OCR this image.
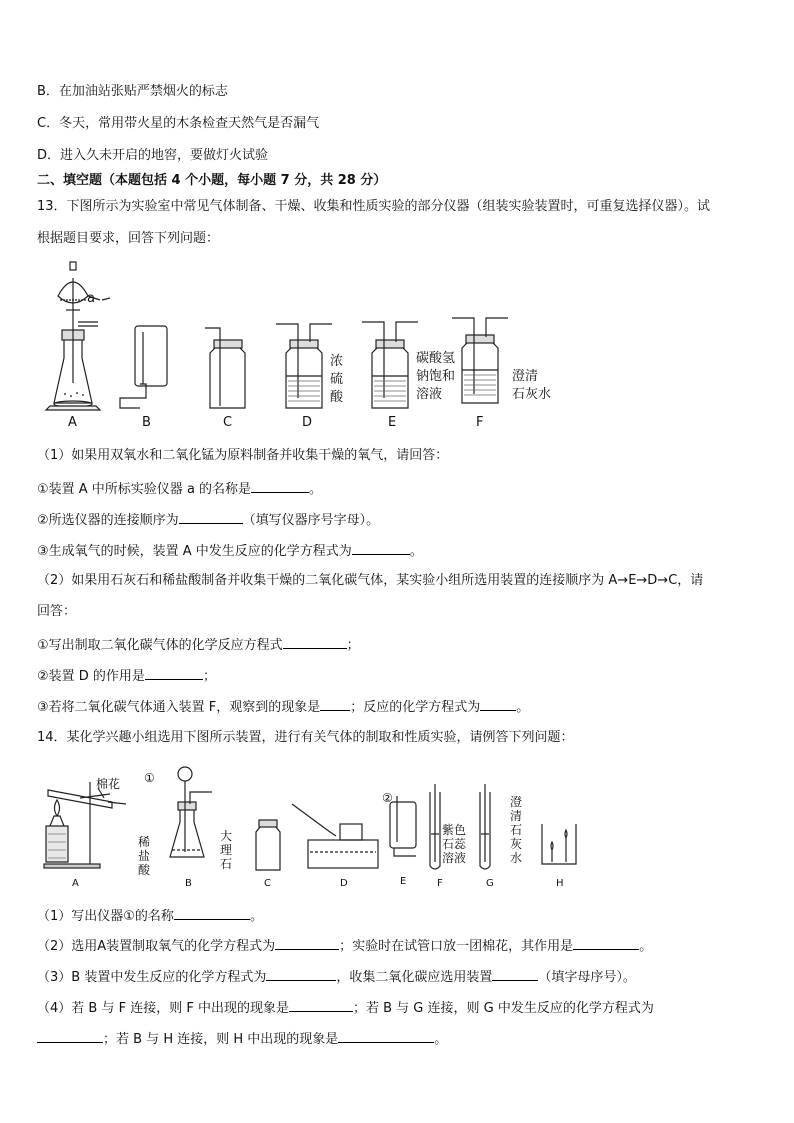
B．在加油站张贴严禁烟火的标志
C．冬天，常用带火星的木条检查天然气是否漏气
D．进入久未开启的地窖，要做灯火试验
二、填空题（本题包括 4 个小题，每小题 7 分，共 28 分）
13．下图所示为实验室中常见气体制备、干燥、收集和性质实验的部分仪器（组装实验装置时，可重复选择仪器）。试
根据题目要求，回答下列问题：
a
A	B	C	D	E	F
浓
硫
酸
碳酸氢
钠饱和
溶液
澄清
石灰水
（1）如果用双氧水和二氧化锰为原料制备并收集干燥的氧气，请回答：
①装置 A 中所标实验仪器 a 的名称是	。
②所选仪器的连接顺序为	（填写仪器序号字母）。
③生成氧气的时候，装置 A 中发生反应的化学方程式为	。
（2）如果用石灰石和稀盐酸制备并收集干燥的二氧化碳气体，某实验小组所选用装置的连接顺序为 A→E→D→C，请
回答：
①写出制取二氧化碳气体的化学反应方程式	；
②装置 D 的作用是	；
③若将二氧化碳气体通入装置 F，观察到的现象是 ；反应的化学方程式为	。
14．某化学兴趣小组选用下图所示装置，进行有关气体的制取和性质实验，请例答下列问题：
棉花 ①
②
稀
盐
酸
大
理
石
紫色
石蕊
溶液
澄
清
石
灰
水
A	B	C	D	E	F	G	H
（1）写出仪器①的名称	。
（2）选用A装置制取氧气的化学方程式为	；实验时在试管口放一团棉花，其作用是	。
（3）B 装置中发生反应的化学方程式为	，收集二氧化碳应选用装置	（填字母序号）。
（4）若 B 与 F 连接，则 F 中出现的现象是	；若 B 与 G 连接，则 G 中发生反应的化学方程式为
；若 B 与 H 连接，则 H 中出现的现象是	。
